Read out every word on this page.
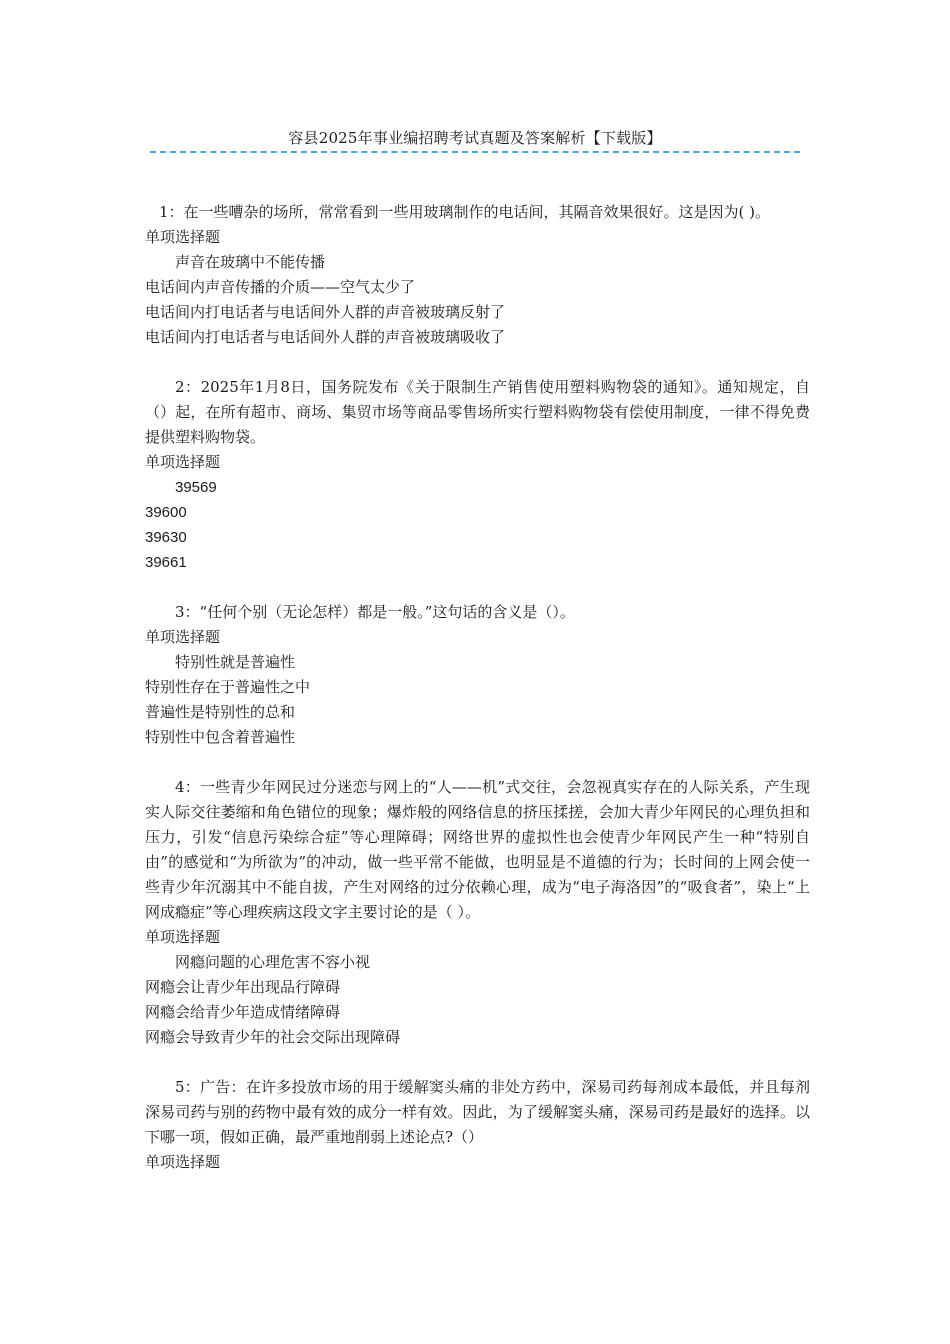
容县2025年事业编招聘考试真题及答案解析【下载版】

1：在一些嘈杂的场所，常常看到一些用玻璃制作的电话间，其隔音效果很好。这是因为( )。

单项选择题

声音在玻璃中不能传播

电话间内声音传播的介质——空气太少了

电话间内打电话者与电话间外人群的声音被玻璃反射了

电话间内打电话者与电话间外人群的声音被玻璃吸收了

2：2025年1月8日，国务院发布《关于限制生产销售使用塑料购物袋的通知》。通知规定，自（）起，在所有超市、商场、集贸市场等商品零售场所实行塑料购物袋有偿使用制度，一律不得免费提供塑料购物袋。

单项选择题

39569

39600

39630

39661

3：“任何个别（无论怎样）都是一般。”这句话的含义是（）。

单项选择题

特别性就是普遍性

特别性存在于普遍性之中

普遍性是特别性的总和

特别性中包含着普遍性

4：一些青少年网民过分迷恋与网上的“人——机”式交往，会忽视真实存在的人际关系，产生现实人际交往萎缩和角色错位的现象；爆炸般的网络信息的挤压揉搓，会加大青少年网民的心理负担和压力，引发“信息污染综合症”等心理障碍；网络世界的虚拟性也会使青少年网民产生一种“特别自由”的感觉和“为所欲为”的冲动，做一些平常不能做，也明显是不道德的行为；长时间的上网会使一些青少年沉溺其中不能自拔，产生对网络的过分依赖心理，成为“电子海洛因”的“吸食者”，染上“上网成瘾症”等心理疾病这段文字主要讨论的是（ ）。

单项选择题

网瘾问题的心理危害不容小视

网瘾会让青少年出现品行障碍

网瘾会给青少年造成情绪障碍

网瘾会导致青少年的社会交际出现障碍

5：广告：在许多投放市场的用于缓解窦头痛的非处方药中，深易司药每剂成本最低，并且每剂深易司药与别的药物中最有效的成分一样有效。因此，为了缓解窦头痛，深易司药是最好的选择。以下哪一项，假如正确，最严重地削弱上述论点?（）

单项选择题
